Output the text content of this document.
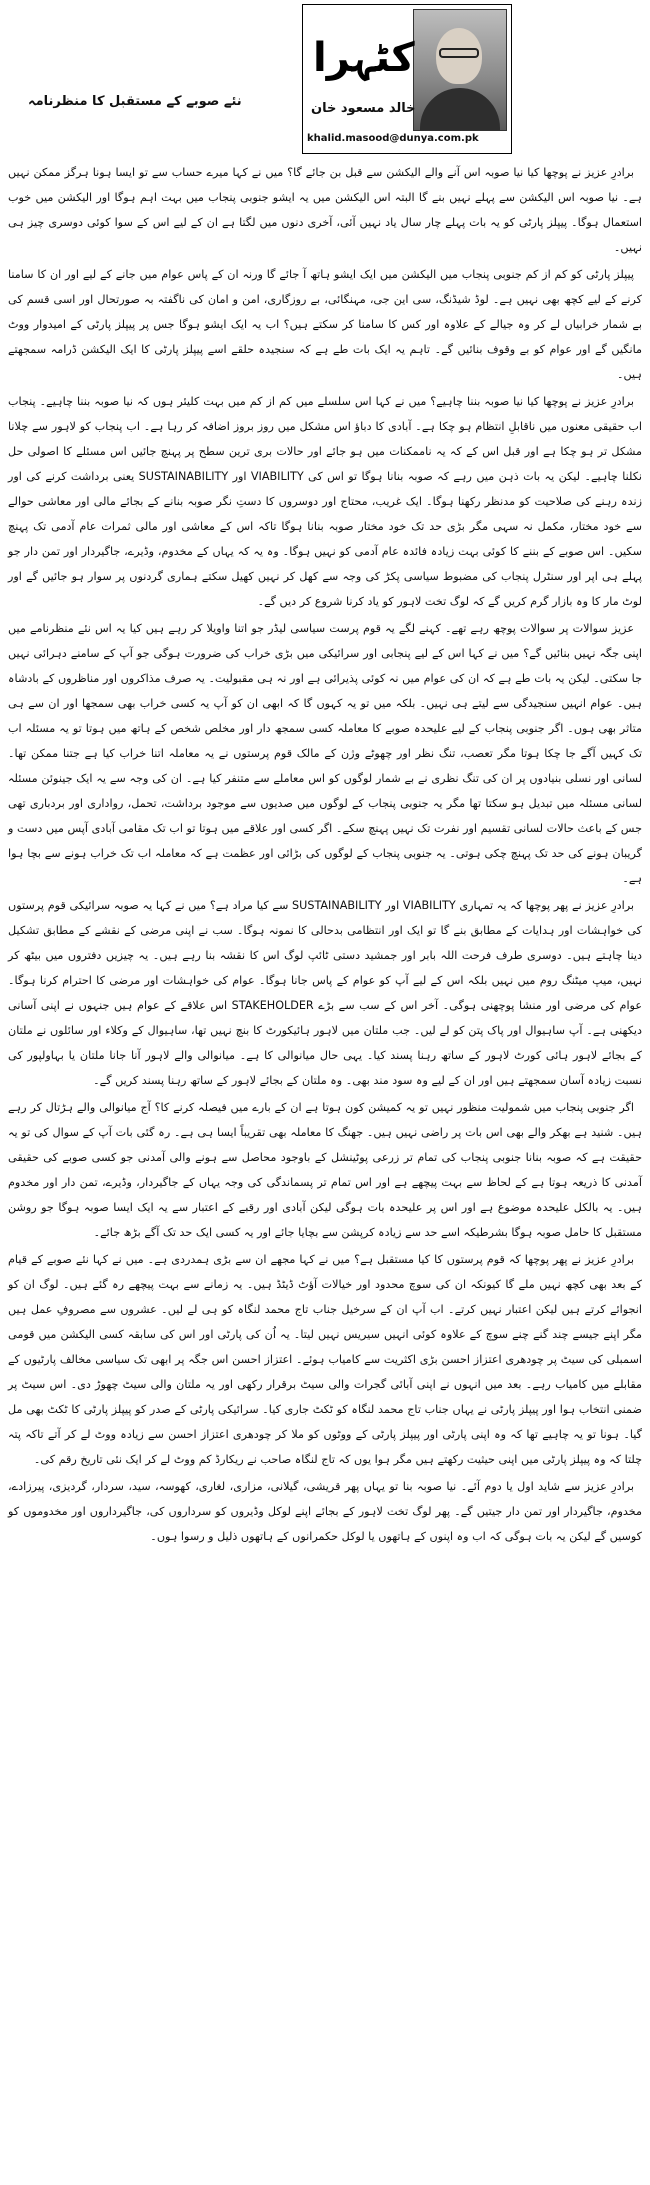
نئے صوبے کے مستقبل کا منظرنامہ
کٹہرا
خالد مسعود خان
khalid.masood@dunya.com.pk

برادرِ عزیز نے پوچھا کیا نیا صوبہ اس آنے والے الیکشن سے قبل بن جائے گا؟ میں نے کہا میرے حساب سے تو ایسا ہونا ہرگز ممکن نہیں ہے۔ نیا صوبہ اس الیکشن سے پہلے نہیں بنے گا البتہ اس الیکشن میں یہ ایشو جنوبی پنجاب میں بہت اہم ہوگا اور الیکشن میں خوب استعمال ہوگا۔ پیپلز پارٹی کو یہ بات پہلے چار سال یاد نہیں آئی، آخری دنوں میں لگتا ہے ان کے لیے اس کے سوا کوئی دوسری چیز ہی نہیں۔

پیپلز پارٹی کو کم از کم جنوبی پنجاب میں الیکشن میں ایک ایشو ہاتھ آ جائے گا ورنہ ان کے پاس عوام میں جانے کے لیے اور ان کا سامنا کرنے کے لیے کچھ بھی نہیں ہے۔ لوڈ شیڈنگ، سی این جی، مہنگائی، بے روزگاری، امن و امان کی ناگفتہ بہ صورتحال اور اسی قسم کی بے شمار خرابیاں لے کر وہ جیالے کے علاوہ اور کس کا سامنا کر سکتے ہیں؟ اب یہ ایک ایشو ہوگا جس پر پیپلز پارٹی کے امیدوار ووٹ مانگیں گے اور عوام کو بے وقوف بنائیں گے۔ تاہم یہ ایک بات طے ہے کہ سنجیدہ حلقے اسے پیپلز پارٹی کا ایک الیکشن ڈرامہ سمجھتے ہیں۔

برادرِ عزیز نے پوچھا کیا نیا صوبہ بننا چاہیے؟ میں نے کہا اس سلسلے میں کم از کم میں بہت کلیئر ہوں کہ نیا صوبہ بننا چاہیے۔ پنجاب اب حقیقی معنوں میں ناقابلِ انتظام ہو چکا ہے۔ آبادی کا دباؤ اس مشکل میں روز بروز اضافہ کر رہا ہے۔ اب پنجاب کو لاہور سے چلانا مشکل تر ہو چکا ہے اور قبل اس کے کہ یہ ناممکنات میں ہو جائے اور حالات بری ترین سطح پر پہنچ جائیں اس مسئلے کا اصولی حل نکلنا چاہیے۔ لیکن یہ بات ذہن میں رہے کہ صوبہ بنانا ہوگا تو اس کی VIABILITY اور SUSTAINABILITY یعنی برداشت کرنے کی اور زندہ رہنے کی صلاحیت کو مدنظر رکھنا ہوگا۔ ایک غریب، محتاج اور دوسروں کا دستِ نگر صوبہ بنانے کے بجائے مالی اور معاشی حوالے سے خود مختار، مکمل نہ سہی مگر بڑی حد تک خود مختار صوبہ بنانا ہوگا تاکہ اس کے معاشی اور مالی ثمرات عام آدمی تک پہنچ سکیں۔ اس صوبے کے بننے کا کوئی بہت زیادہ فائدہ عام آدمی کو نہیں ہوگا۔ وہ یہ کہ یہاں کے مخدوم، وڈیرے، جاگیردار اور تمن دار جو پہلے ہی اپر اور سنٹرل پنجاب کی مضبوط سیاسی پکڑ کی وجہ سے کھل کر نہیں کھیل سکتے ہماری گردنوں پر سوار ہو جائیں گے اور لوٹ مار کا وہ بازار گرم کریں گے کہ لوگ تخت لاہور کو یاد کرنا شروع کر دیں گے۔

عزیز سوالات پر سوالات پوچھ رہے تھے۔ کہنے لگے یہ قوم پرست سیاسی لیڈر جو اتنا واویلا کر رہے ہیں کیا یہ اس نئے منظرنامے میں اپنی جگہ نہیں بنائیں گے؟ میں نے کہا اس کے لیے پنجابی اور سرائیکی میں بڑی خراب کی ضرورت ہوگی جو آپ کے سامنے دہرائی نہیں جا سکتی۔ لیکن یہ بات طے ہے کہ ان کی عوام میں نہ کوئی پذیرائی ہے اور نہ ہی مقبولیت۔ یہ صرف مذاکروں اور مناظروں کے بادشاہ ہیں۔ عوام انہیں سنجیدگی سے لیتے ہی نہیں۔ بلکہ میں تو یہ کہوں گا کہ ابھی ان کو آپ یہ کسی خراب بھی سمجھا اور ان سے ہی متاثر بھی ہوں۔ اگر جنوبی پنجاب کے لیے علیحدہ صوبے کا معاملہ کسی سمجھ دار اور مخلص شخص کے ہاتھ میں ہوتا تو یہ مسئلہ اب تک کہیں آگے جا چکا ہوتا مگر تعصب، تنگ نظر اور چھوٹے وژن کے مالک قوم پرستوں نے یہ معاملہ اتنا خراب کیا ہے جتنا ممکن تھا۔ لسانی اور نسلی بنیادوں پر ان کی تنگ نظری نے بے شمار لوگوں کو اس معاملے سے متنفر کیا ہے۔ ان کی وجہ سے یہ ایک جینوئن مسئلہ لسانی مسئلہ میں تبدیل ہو سکتا تھا مگر یہ جنوبی پنجاب کے لوگوں میں صدیوں سے موجود برداشت، تحمل، رواداری اور بردباری تھی جس کے باعث حالات لسانی تقسیم اور نفرت تک نہیں پہنچ سکے۔ اگر کسی اور علاقے میں ہوتا تو اب تک مقامی آبادی آپس میں دست و گریبان ہونے کی حد تک پہنچ چکی ہوتی۔ یہ جنوبی پنجاب کے لوگوں کی بڑائی اور عظمت ہے کہ معاملہ اب تک خراب ہونے سے بچا ہوا ہے۔

برادرِ عزیز نے پھر پوچھا کہ یہ تمہاری VIABILITY اور SUSTAINABILITY سے کیا مراد ہے؟ میں نے کہا یہ صوبہ سرائیکی قوم پرستوں کی خواہشات اور ہدایات کے مطابق بنے گا تو ایک اور انتظامی بدحالی کا نمونہ ہوگا۔ سب نے اپنی مرضی کے نقشے کے مطابق تشکیل دینا چاہتے ہیں۔ دوسری طرف فرحت اللہ بابر اور جمشید دستی ٹائپ لوگ اس کا نقشہ بنا رہے ہیں۔ یہ چیزیں دفتروں میں بیٹھ کر نہیں، میپ میٹنگ روم میں نہیں بلکہ اس کے لیے آپ کو عوام کے پاس جانا ہوگا۔ عوام کی خواہشات اور مرضی کا احترام کرنا ہوگا۔ عوام کی مرضی اور منشا پوچھنی ہوگی۔ آخر اس کے سب سے بڑے STAKEHOLDER اس علاقے کے عوام ہیں جنہوں نے اپنی آسانی دیکھنی ہے۔ آپ ساہیوال اور پاک پتن کو لے لیں۔ جب ملتان میں لاہور ہائیکورٹ کا بنچ نہیں تھا، ساہیوال کے وکلاء اور سائلوں نے ملتان کے بجائے لاہور ہائی کورٹ لاہور کے ساتھ رہنا پسند کیا۔ یہی حال میانوالی کا ہے۔ میانوالی والے لاہور آنا جانا ملتان یا بہاولپور کی نسبت زیادہ آسان سمجھتے ہیں اور ان کے لیے وہ سود مند بھی۔ وہ ملتان کے بجائے لاہور کے ساتھ رہنا پسند کریں گے۔

اگر جنوبی پنجاب میں شمولیت منظور نہیں تو یہ کمیشن کون ہوتا ہے ان کے بارے میں فیصلہ کرنے کا؟ آج میانوالی والے ہڑتال کر رہے ہیں۔ شنید ہے بھکر والے بھی اس بات پر راضی نہیں ہیں۔ جھنگ کا معاملہ بھی تقریباً ایسا ہی ہے۔ رہ گئی بات آپ کے سوال کی تو یہ حقیقت ہے کہ صوبہ بنانا جنوبی پنجاب کی تمام تر زرعی پوٹینشل کے باوجود محاصل سے ہونے والی آمدنی جو کسی صوبے کی حقیقی آمدنی کا ذریعہ ہوتا ہے کے لحاظ سے بہت پیچھے ہے اور اس تمام تر پسماندگی کی وجہ یہاں کے جاگیردار، وڈیرے، تمن دار اور مخدوم ہیں۔ یہ بالکل علیحدہ موضوع ہے اور اس پر علیحدہ بات ہوگی لیکن آبادی اور رقبے کے اعتبار سے یہ ایک ایسا صوبہ ہوگا جو روشن مستقبل کا حامل صوبہ ہوگا بشرطیکہ اسے حد سے زیادہ کرپشن سے بچایا جائے اور یہ کسی ایک حد تک آگے بڑھ جائے۔

برادرِ عزیز نے پھر پوچھا کہ قوم پرستوں کا کیا مستقبل ہے؟ میں نے کہا مجھے ان سے بڑی ہمدردی ہے۔ میں نے کہا نئے صوبے کے قیام کے بعد بھی کچھ نہیں ملے گا کیونکہ ان کی سوچ محدود اور خیالات آؤٹ ڈیٹڈ ہیں۔ یہ زمانے سے بہت پیچھے رہ گئے ہیں۔ لوگ ان کو انجوائے کرتے ہیں لیکن اعتبار نہیں کرتے۔ اب آپ ان کے سرخیل جناب تاج محمد لنگاہ کو ہی لے لیں۔ عشروں سے مصروفِ عمل ہیں مگر اپنے جیسے چند گنے چنے سوچ کے علاوہ کوئی انہیں سیریس نہیں لیتا۔ یہ اُن کی پارٹی اور اس کی سابقہ کسی الیکشن میں قومی اسمبلی کی سیٹ پر چودھری اعتزاز احسن بڑی اکثریت سے کامیاب ہوئے۔ اعتزاز احسن اس جگہ پر ابھی تک سیاسی مخالف پارٹیوں کے مقابلے میں کامیاب رہے۔ بعد میں انہوں نے اپنی آبائی گجرات والی سیٹ برقرار رکھی اور یہ ملتان والی سیٹ چھوڑ دی۔ اس سیٹ پر ضمنی انتخاب ہوا اور پیپلز پارٹی نے یہاں جناب تاج محمد لنگاہ کو ٹکٹ جاری کیا۔ سرائیکی پارٹی کے صدر کو پیپلز پارٹی کا ٹکٹ بھی مل گیا۔ ہونا تو یہ چاہیے تھا کہ وہ اپنی پارٹی اور پیپلز پارٹی کے ووٹوں کو ملا کر چودھری اعتزاز احسن سے زیادہ ووٹ لے کر آتے تاکہ پتہ چلتا کہ وہ پیپلز پارٹی میں اپنی حیثیت رکھتے ہیں مگر ہوا یوں کہ تاج لنگاہ صاحب نے ریکارڈ کم ووٹ لے کر ایک نئی تاریخ رقم کی۔

برادرِ عزیز سے شاید اول یا دوم آئے۔ نیا صوبہ بنا تو یہاں پھر قریشی، گیلانی، مزاری، لغاری، کھوسہ، سید، سردار، گردیزی، پیرزادے، مخدوم، جاگیردار اور تمن دار جیتیں گے۔ پھر لوگ تخت لاہور کے بجائے اپنے لوکل وڈیروں کو سرداروں کی، جاگیرداروں اور مخدوموں کو کوسیں گے لیکن یہ بات ہوگی کہ اب وہ اپنوں کے ہاتھوں یا لوکل حکمرانوں کے ہاتھوں ذلیل و رسوا ہوں۔
